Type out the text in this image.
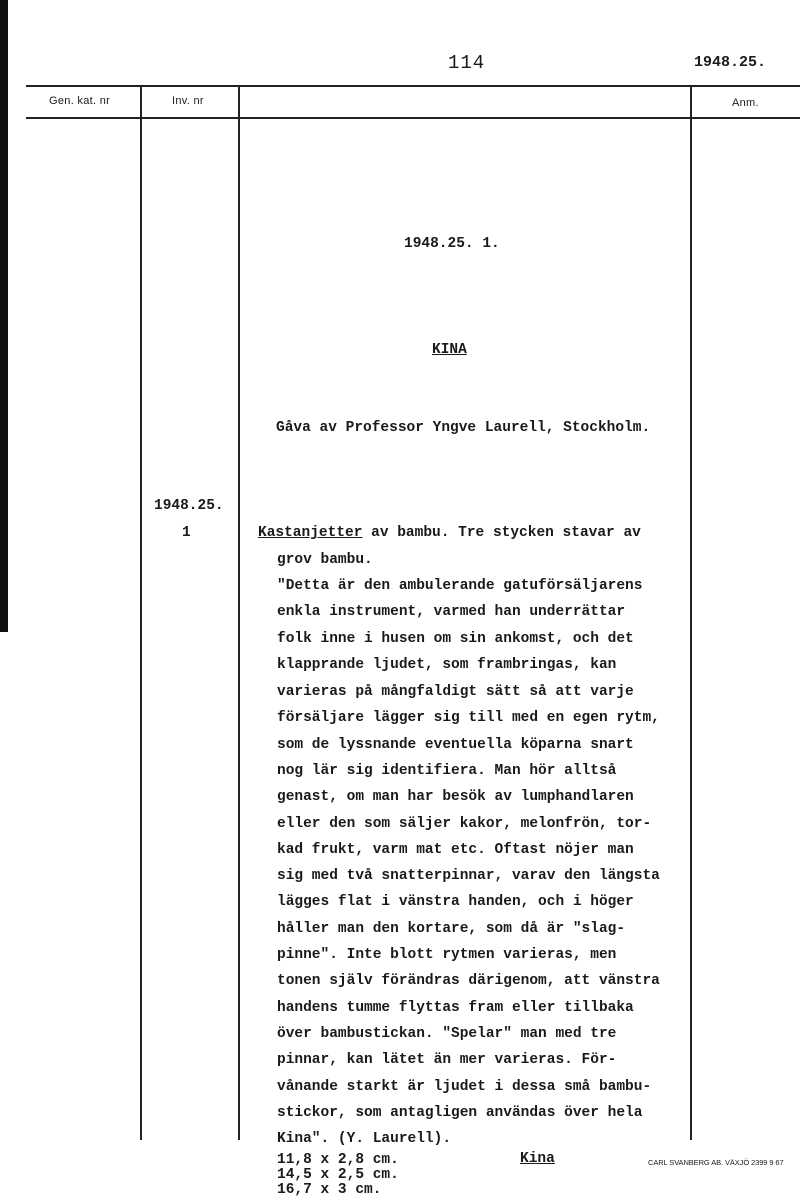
114	1948.25.
Gen. kat. nr	Inv. nr	Anm.
1948.25. 1.
KINA
Gåva av Professor Yngve Laurell, Stockholm.
1948.25.
1	Kastanjetter av bambu. Tre stycken stavar av
grov bambu.
"Detta är den ambulerande gatuförsäljarens
enkla instrument, varmed han underrättar
folk inne i husen om sin ankomst, och det
klapprande ljudet, som frambringas, kan
varieras på mångfaldigt sätt så att varje
försäljare lägger sig till med en egen rytm,
som de lyssnande eventuella köparna snart
nog lär sig identifiera. Man hör alltså
genast, om man har besök av lumphandlaren
eller den som säljer kakor, melonfrön, tor-
kad frukt, varm mat etc. Oftast nöjer man
sig med två snatterpinnar, varav den längsta
lägges flat i vänstra handen, och i höger
håller man den kortare, som då är "slag-
pinne". Inte blott rytmen varieras, men
tonen själv förändras därigenom, att vänstra
handens tumme flyttas fram eller tillbaka
över bambustickan. "Spelar" man med tre
pinnar, kan lätet än mer varieras. För-
vånande starkt är ljudet i dessa små bambu-
stickor, som antagligen användas över hela
Kina". (Y. Laurell).
11,8 x 2,8 cm.
14,5 x 2,5 cm.
16,7 x 3 cm.
Kina	CARL SVANBERG AB. VÄXJÖ 2399 9 67
